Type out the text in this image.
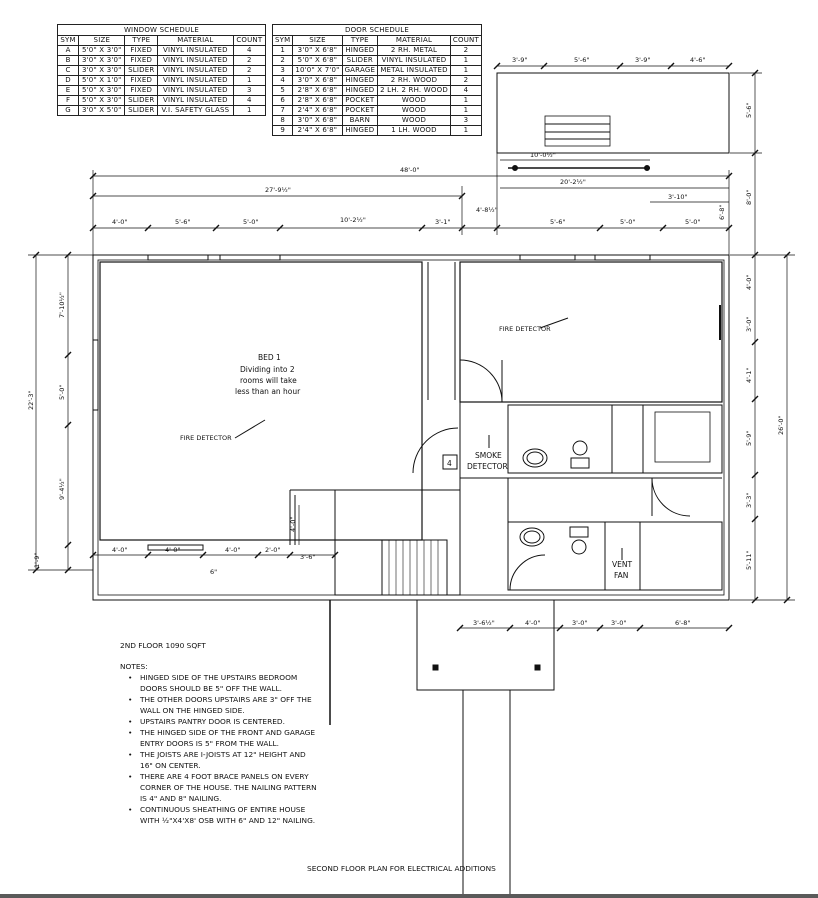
WINDOW SCHEDULE
SYM	SIZE	TYPE	MATERIAL	COUNT
A	5'0" X 3'0"	FIXED	VINYL INSULATED	4
B	3'0" X 3'0"	FIXED	VINYL INSULATED	2
C	3'0" X 3'0"	SLIDER	VINYL INSULATED	2
D	5'0" X 1'0"	FIXED	VINYL INSULATED	1
E	5'0" X 3'0"	FIXED	VINYL INSULATED	3
F	5'0" X 3'0"	SLIDER	VINYL INSULATED	4
G	3'0" X 5'0"	SLIDER	V.I. SAFETY GLASS	1
DOOR SCHEDULE
SYM	SIZE	TYPE	MATERIAL	COUNT
1	3'0" X 6'8"	HINGED	2 RH. METAL	2
2	5'0" X 6'8"	SLIDER	VINYL INSULATED	1
3	10'0" X 7'0"	GARAGE	METAL INSULATED	1
4	3'0" X 6'8"	HINGED	2 RH. WOOD	2
5	2'8" X 6'8"	HINGED	2 LH. 2 RH. WOOD	4
6	2'8" X 6'8"	POCKET	WOOD	1
7	2'4" X 6'8"	POCKET	WOOD	1
8	3'0" X 6'8"	BARN	WOOD	3
9	2'4" X 6'8"	HINGED	1 LH. WOOD	1
48'-0"
27'-9½"
20'-2½"
10'-0½"
3'-10"
4'-0"	5'-6"	5'-0"	10'-2½"	3'-1"
4'-8½"
5'-6"	5'-0"	5'-0"
3'-9"	5'-6"	3'-9"	4'-6"
5'-6"
8'-0"
6'-8"
4'-0"
3'-0"
4'-1"
5'-9"
3'-3"
5'-11"
26'-0"
22'-3"
7'-10½"
5'-0"
9'-4½"
1'-9"
4'-0"	4'-0"	4'-0"	2'-0"
3'-6"
6"
4'-0"
3'-6½"	4'-0"	3'-0"	3'-0"	6'-8"
BED 1
Dividing into 2
rooms will take
less than an hour
FIRE DETECTOR
FIRE DETECTOR
SMOKE
DETECTOR
VENT
FAN
4
2ND FLOOR 1090 SQFT
NOTES:
• HINGED SIDE OF THE UPSTAIRS BEDROOM DOORS SHOULD BE 5" OFF THE WALL.
• THE OTHER DOORS UPSTAIRS ARE 3" OFF THE WALL ON THE HINGED SIDE.
• UPSTAIRS PANTRY DOOR IS CENTERED.
• THE HINGED SIDE OF THE FRONT AND GARAGE ENTRY DOORS IS 5" FROM THE WALL.
• THE JOISTS ARE I-JOISTS AT 12" HEIGHT AND 16" ON CENTER.
• THERE ARE 4 FOOT BRACE PANELS ON EVERY CORNER OF THE HOUSE. THE NAILING PATTERN IS 4" AND 8" NAILING.
• CONTINUOUS SHEATHING OF ENTIRE HOUSE WITH ½"X4'X8' OSB WITH 6" AND 12" NAILING.
SECOND FLOOR PLAN FOR ELECTRICAL ADDITIONS
